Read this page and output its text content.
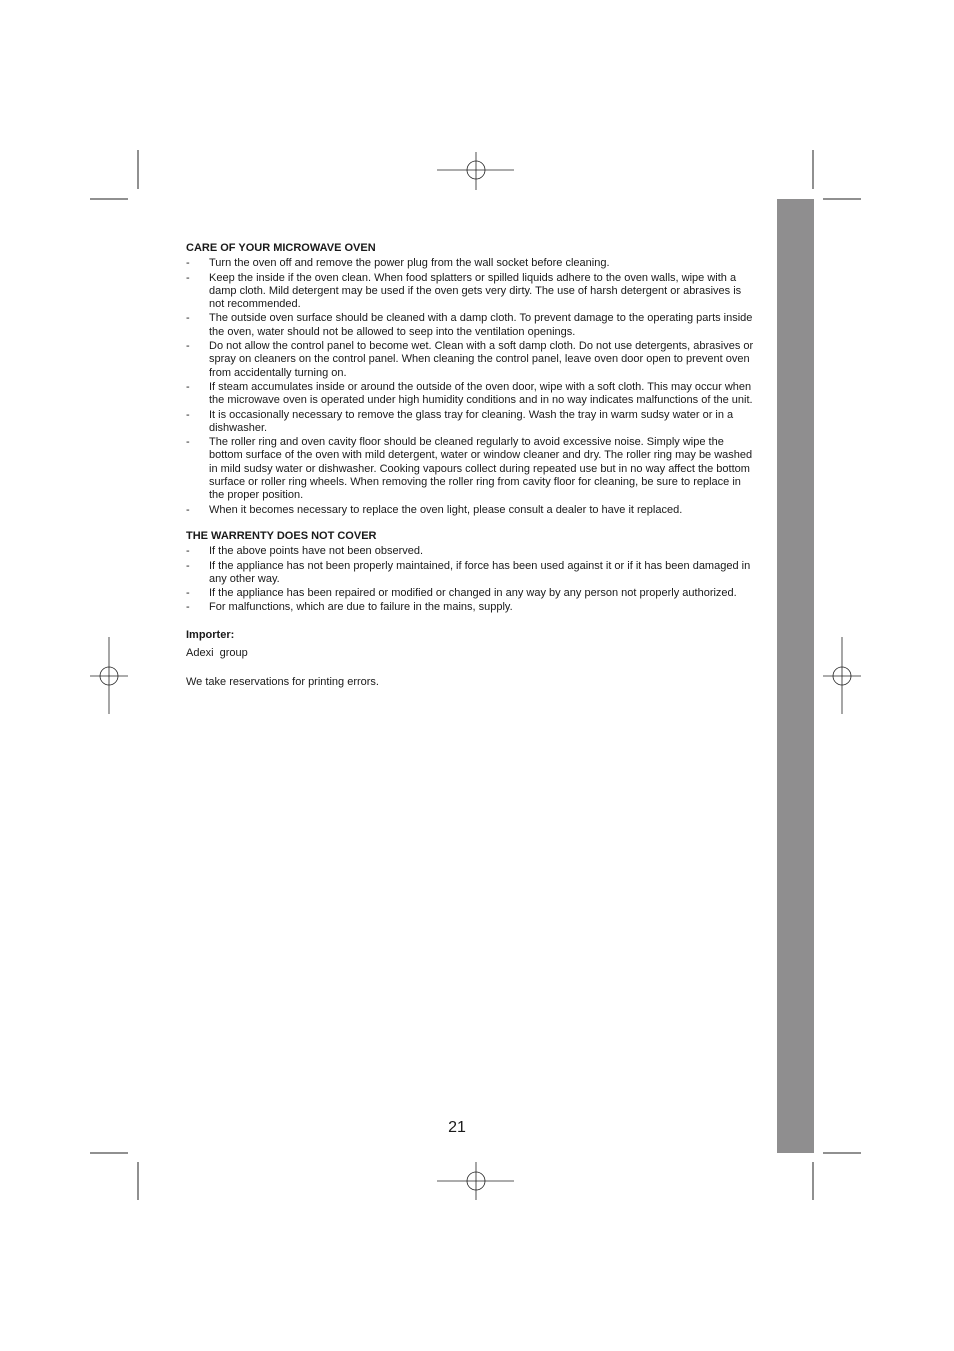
CARE OF YOUR MICROWAVE OVEN
- Turn the oven off and remove the power plug from the wall socket before cleaning.
- Keep the inside if the oven clean. When food splatters or spilled liquids adhere to the oven walls, wipe with a damp cloth. Mild detergent may be used if the oven gets very dirty. The use of harsh detergent or abrasives is not recommended.
- The outside oven surface should be cleaned with a damp cloth. To prevent damage to the operating parts inside the oven, water should not be allowed to seep into the ventilation openings.
- Do not allow the control panel to become wet. Clean with a soft damp cloth. Do not use detergents, abrasives or spray on cleaners on the control panel. When cleaning the control panel, leave oven door open to prevent oven from accidentally turning on.
- If steam accumulates inside or around the outside of the oven door, wipe with a soft cloth. This may occur when the microwave oven is operated under high humidity conditions and in no way indicates malfunctions of the unit.
- It is occasionally necessary to remove the glass tray for cleaning. Wash the tray in warm sudsy water or in a dishwasher.
- The roller ring and oven cavity floor should be cleaned regularly to avoid excessive noise. Simply wipe the bottom surface of the oven with mild detergent, water or window cleaner and dry. The roller ring may be washed in mild sudsy water or dishwasher. Cooking vapours collect during repeated use but in no way affect the bottom surface or roller ring wheels. When removing the roller ring from cavity floor for cleaning, be sure to replace in the proper position.
- When it becomes necessary to replace the oven light, please consult a dealer to have it replaced.
THE WARRENTY DOES NOT COVER
- If the above points have not been observed.
- If the appliance has not been properly maintained, if force has been used against it or if it has been damaged in any other way.
- If the appliance has been repaired or modified or changed in any way by any person not properly authorized.
- For malfunctions, which are due to failure in the mains, supply.
Importer:
Adexi  group
We take reservations for printing errors.
21
